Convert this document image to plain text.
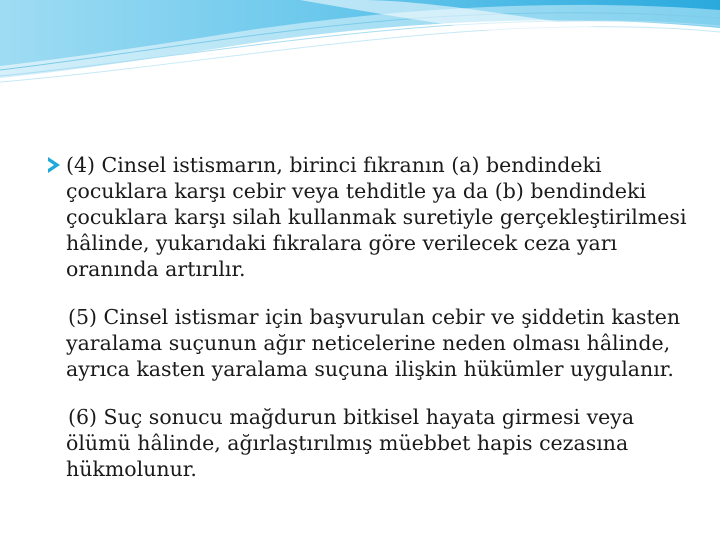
(4) Cinsel istismarın, birinci fıkranın (a) bendindeki çocuklara karşı cebir veya tehditle ya da (b) bendindeki çocuklara karşı silah kullanmak suretiyle gerçekleştirilmesi hâlinde, yukarıdaki fıkralara göre verilecek ceza yarı oranında artırılır.

(5) Cinsel istismar için başvurulan cebir ve şiddetin kasten yaralama suçunun ağır neticelerine neden olması hâlinde, ayrıca kasten yaralama suçuna ilişkin hükümler uygulanır.

(6) Suç sonucu mağdurun bitkisel hayata girmesi veya ölümü hâlinde, ağırlaştırılmış müebbet hapis cezasına hükmolunur.
